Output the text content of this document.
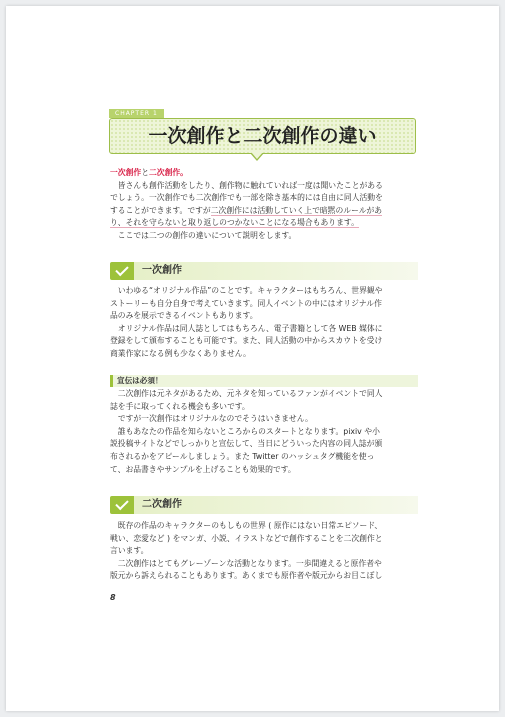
CHAPTER 1
一次創作と二次創作の違い
一次創作と二次創作。
　皆さんも創作活動をしたり、創作物に触れていれば一度は聞いたことがある
でしょう。一次創作でも二次創作でも一部を除き基本的には自由に同人活動を
することができます。ですが二次創作には活動していく上で暗黙のルールがあ
り、それを守らないと取り返しのつかないことになる場合もあります。
　ここでは二つの創作の違いについて説明をします。
一次創作
　いわゆる“オリジナル作品”のことです。キャラクターはもちろん、世界観や
ストーリーも自分自身で考えていきます。同人イベントの中にはオリジナル作
品のみを展示できるイベントもあります。
　オリジナル作品は同人誌としてはもちろん、電子書籍として各 WEB 媒体に
登録をして頒布することも可能です。また、同人活動の中からスカウトを受け
商業作家になる例も少なくありません。
宣伝は必須！
　二次創作は元ネタがあるため、元ネタを知っているファンがイベントで同人
誌を手に取ってくれる機会も多いです。
　ですが一次創作はオリジナルなのでそうはいきません。
　誰もあなたの作品を知らないところからのスタートとなります。pixiv や小
説投稿サイトなどでしっかりと宣伝して、当日にどういった内容の同人誌が頒
布されるかをアピールしましょう。また Twitter のハッシュタグ機能を使っ
て、お品書きやサンプルを上げることも効果的です。
二次創作
　既存の作品のキャラクターのもしもの世界 ( 原作にはない日常エピソード、
戦い、恋愛など ) をマンガ、小説、イラストなどで創作することを二次創作と
言います。
　二次創作はとてもグレーゾーンな活動となります。一歩間違えると原作者や
版元から訴えられることもあります。あくまでも原作者や版元からお目こぼし
8
